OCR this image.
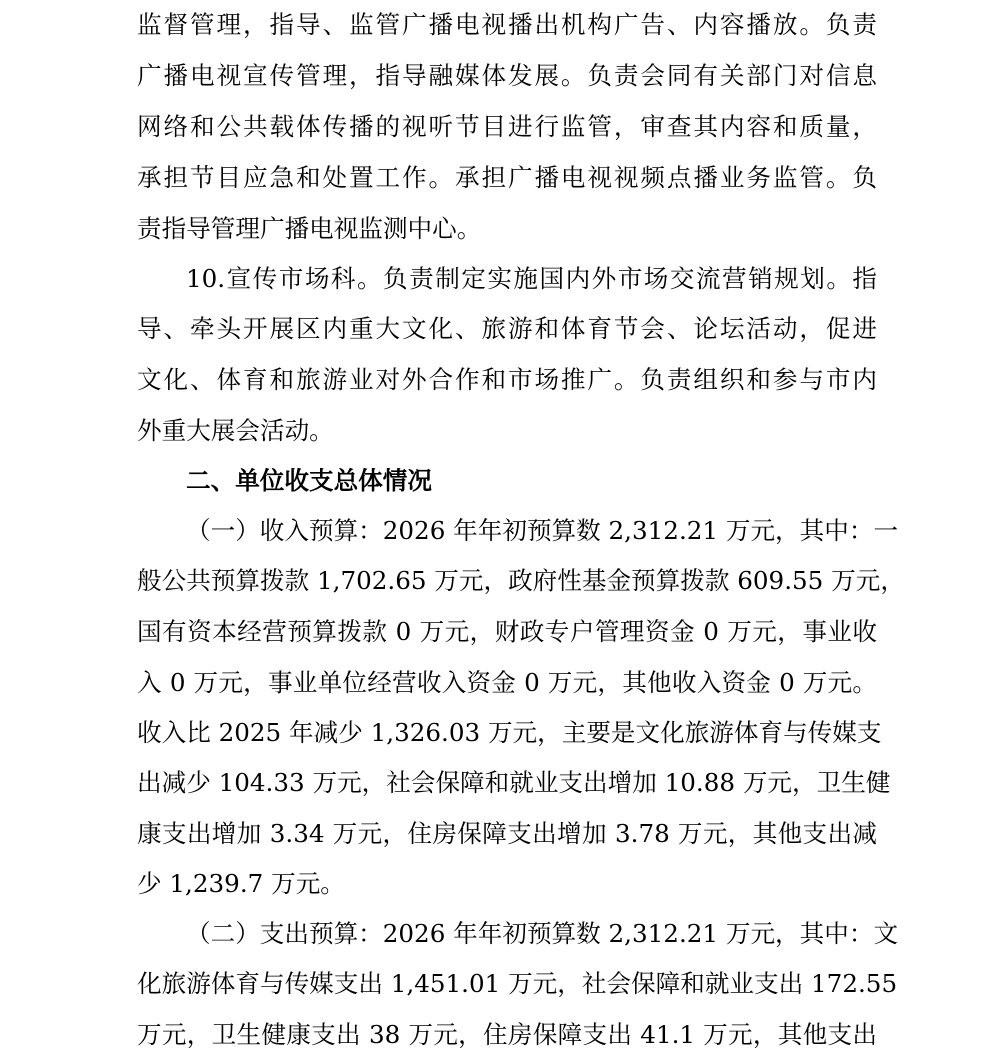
监督管理，指导、监管广播电视播出机构广告、内容播放。负责
广播电视宣传管理，指导融媒体发展。负责会同有关部门对信息
网络和公共载体传播的视听节目进行监管，审查其内容和质量，
承担节目应急和处置工作。承担广播电视视频点播业务监管。负
责指导管理广播电视监测中心。
10.宣传市场科。负责制定实施国内外市场交流营销规划。指
导、牵头开展区内重大文化、旅游和体育节会、论坛活动，促进
文化、体育和旅游业对外合作和市场推广。负责组织和参与市内
外重大展会活动。
二、单位收支总体情况
（一）收入预算：2026 年年初预算数 2,312.21 万元，其中：一
般公共预算拨款 1,702.65 万元，政府性基金预算拨款 609.55 万元，
国有资本经营预算拨款 0 万元，财政专户管理资金 0 万元，事业收
入 0 万元，事业单位经营收入资金 0 万元，其他收入资金 0 万元。
收入比 2025 年减少 1,326.03 万元，主要是文化旅游体育与传媒支
出减少 104.33 万元，社会保障和就业支出增加 10.88 万元，卫生健
康支出增加 3.34 万元，住房保障支出增加 3.78 万元，其他支出减
少 1,239.7 万元。
（二）支出预算：2026 年年初预算数 2,312.21 万元，其中：文
化旅游体育与传媒支出 1,451.01 万元，社会保障和就业支出 172.55
万元，卫生健康支出 38 万元，住房保障支出 41.1 万元，其他支出
